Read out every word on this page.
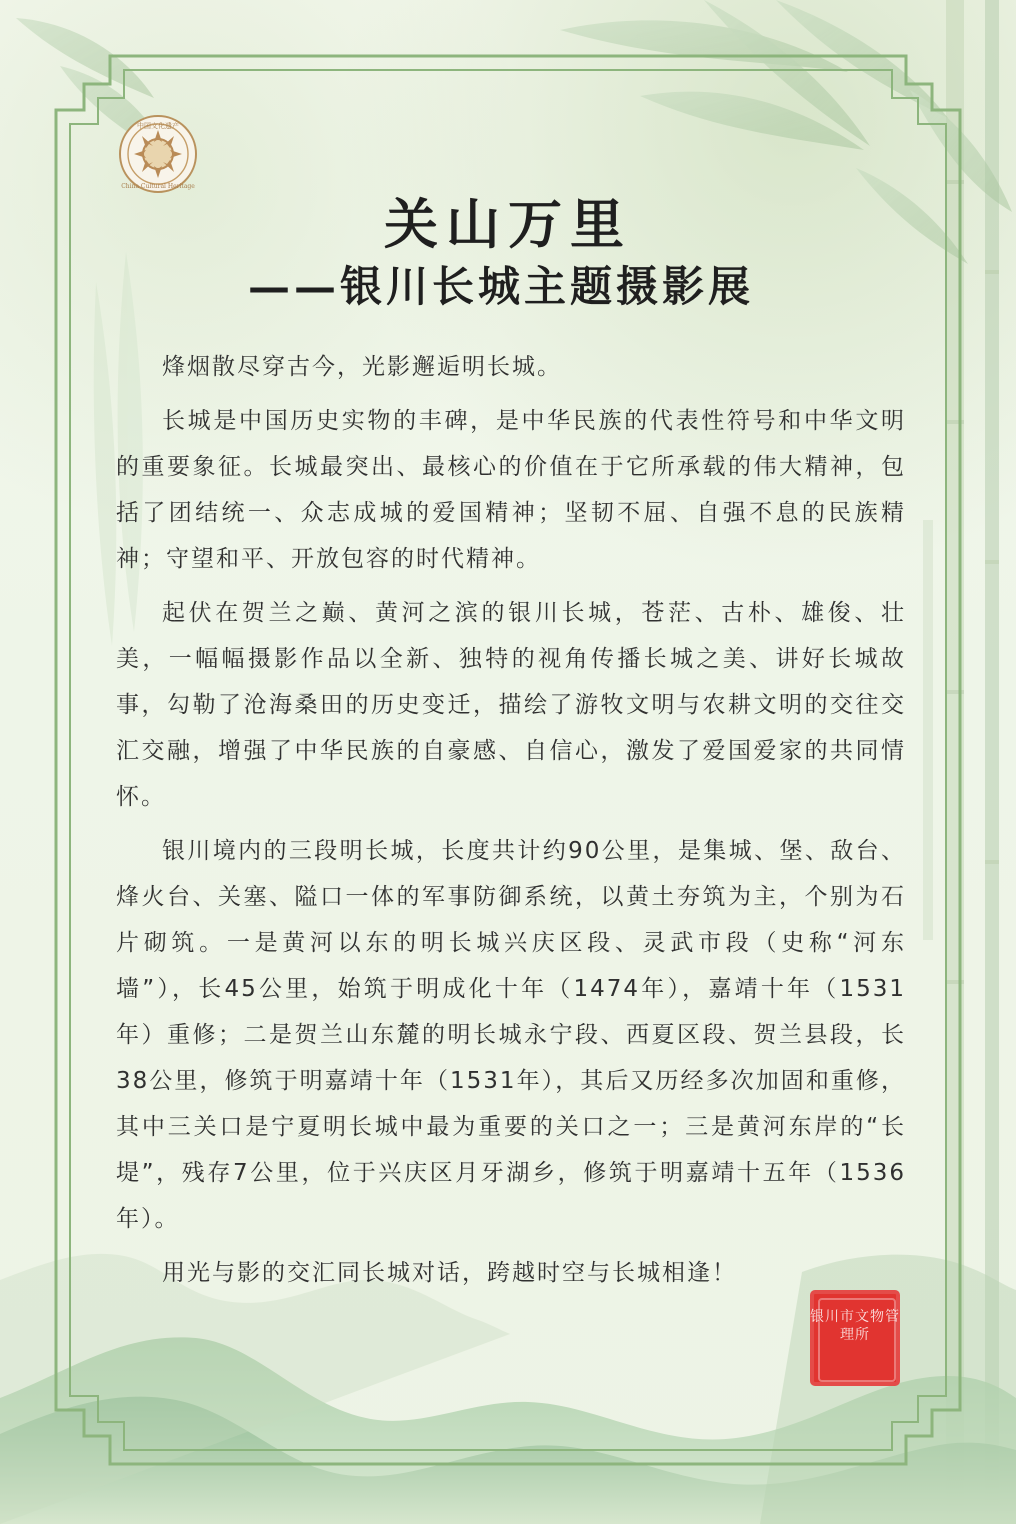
中国文化遗产
China Cultural Heritage
关山万里
——银川长城主题摄影展

烽烟散尽穿古今，光影邂逅明长城。

长城是中国历史实物的丰碑，是中华民族的代表性符号和中华文明的重要象征。长城最突出、最核心的价值在于它所承载的伟大精神，包括了团结统一、众志成城的爱国精神；坚韧不屈、自强不息的民族精神；守望和平、开放包容的时代精神。

起伏在贺兰之巅、黄河之滨的银川长城，苍茫、古朴、雄俊、壮美，一幅幅摄影作品以全新、独特的视角传播长城之美、讲好长城故事，勾勒了沧海桑田的历史变迁，描绘了游牧文明与农耕文明的交往交汇交融，增强了中华民族的自豪感、自信心，激发了爱国爱家的共同情怀。

银川境内的三段明长城，长度共计约90公里，是集城、堡、敌台、烽火台、关塞、隘口一体的军事防御系统，以黄土夯筑为主，个别为石片砌筑。一是黄河以东的明长城兴庆区段、灵武市段（史称“河东墙”），长45公里，始筑于明成化十年（1474年），嘉靖十年（1531年）重修；二是贺兰山东麓的明长城永宁段、西夏区段、贺兰县段，长38公里，修筑于明嘉靖十年（1531年），其后又历经多次加固和重修，其中三关口是宁夏明长城中最为重要的关口之一；三是黄河东岸的“长堤”，残存7公里，位于兴庆区月牙湖乡，修筑于明嘉靖十五年（1536年）。

用光与影的交汇同长城对话，跨越时空与长城相逢！

银川市文物管理所
